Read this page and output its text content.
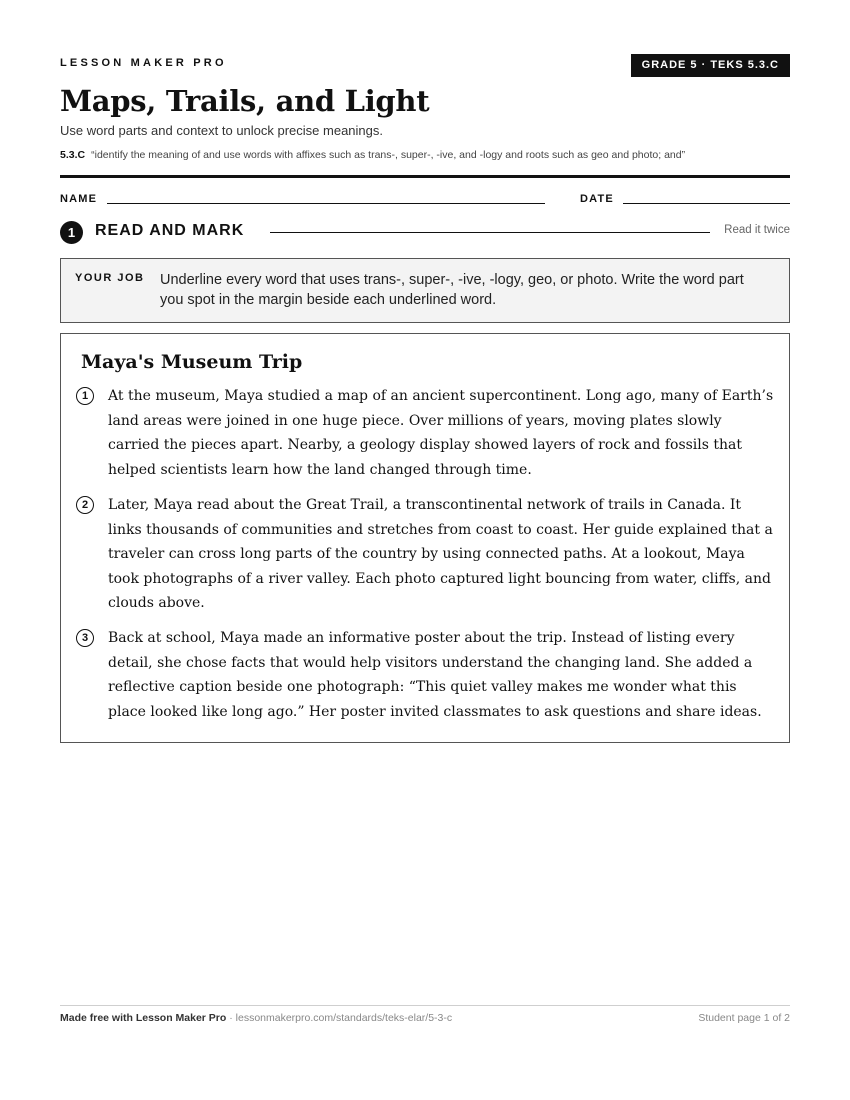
LESSON MAKER PRO	GRADE 5 · TEKS 5.3.C
Maps, Trails, and Light
Use word parts and context to unlock precise meanings.
5.3.C “identify the meaning of and use words with affixes such as trans-, super-, -ive, and -logy and roots such as geo and photo; and”
NAME	DATE
1	READ AND MARK	Read it twice
YOUR JOB Underline every word that uses trans-, super-, -ive, -logy, geo, or photo. Write the word part you spot in the margin beside each underlined word.
Maya's Museum Trip
1	At the museum, Maya studied a map of an ancient supercontinent. Long ago, many of Earth’s land areas were joined in one huge piece. Over millions of years, moving plates slowly carried the pieces apart. Nearby, a geology display showed layers of rock and fossils that helped scientists learn how the land changed through time.

2	Later, Maya read about the Great Trail, a transcontinental network of trails in Canada. It links thousands of communities and stretches from coast to coast. Her guide explained that a traveler can cross long parts of the country by using connected paths. At a lookout, Maya took photographs of a river valley. Each photo captured light bouncing from water, cliffs, and clouds above.

3	Back at school, Maya made an informative poster about the trip. Instead of listing every detail, she chose facts that would help visitors understand the changing land. She added a reflective caption beside one photograph: “This quiet valley makes me wonder what this place looked like long ago.” Her poster invited classmates to ask questions and share ideas.

Made free with Lesson Maker Pro · lessonmakerpro.com/standards/teks-elar/5-3-c	Student page 1 of 2
